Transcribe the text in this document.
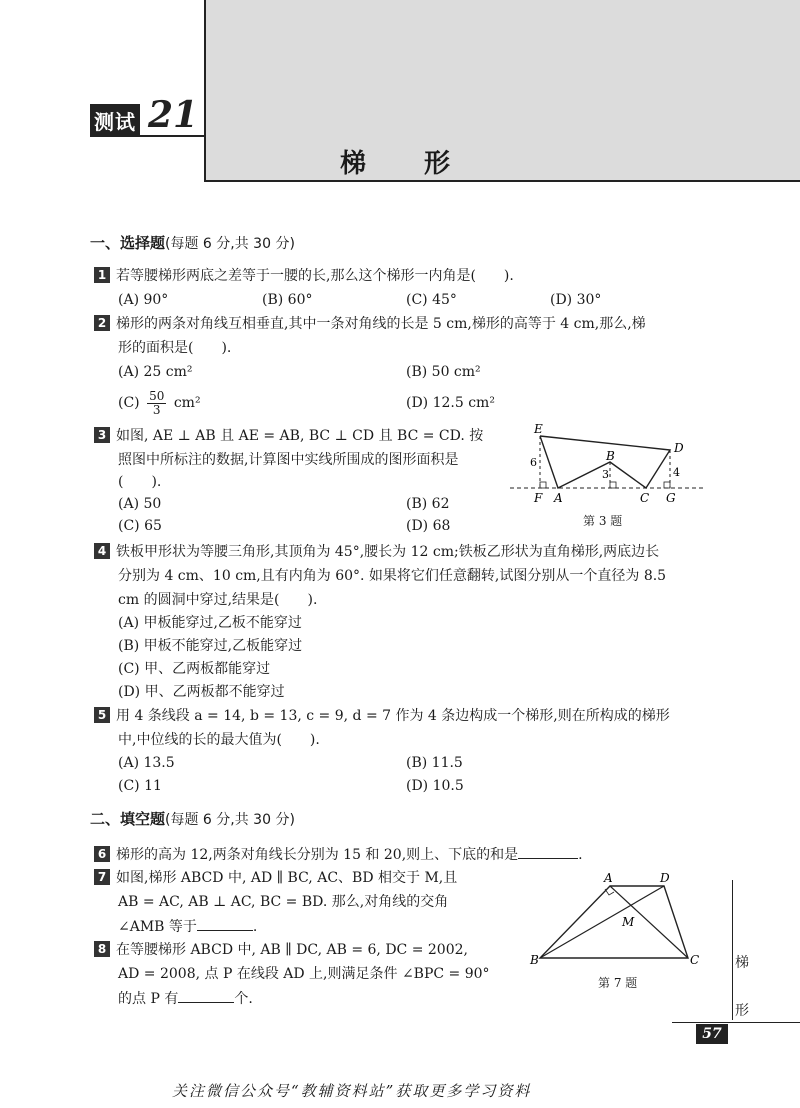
测试 21
梯形
一、选择题(每题 6 分,共 30 分)
1 若等腰梯形两底之差等于一腰的长,那么这个梯形一内角是(　　).
(A) 90°	(B) 60°	(C) 45°	(D) 30°
2 梯形的两条对角线互相垂直,其中一条对角线的长是 5 cm,梯形的高等于 4 cm,那么,梯
形的面积是(　　).
(A) 25 cm²	(B) 50 cm²
$(C) \frac{50}{3} cm^2$	(D) 12.5 cm²
3 如图, AE ⊥ AB 且 AE = AB, BC ⊥ CD 且 BC = CD. 按
照图中所标注的数据,计算图中实线所围成的图形面积是
(　　).
(A) 50	(B) 62
(C) 65	(D) 68
E
D
B
F A	C G
6
3	4
第 3 题
4 铁板甲形状为等腰三角形,其顶角为 45°,腰长为 12 cm;铁板乙形状为直角梯形,两底边长
分别为 4 cm、10 cm,且有内角为 60°. 如果将它们任意翻转,试图分别从一个直径为 8.5
cm 的圆洞中穿过,结果是(　　).
(A) 甲板能穿过,乙板不能穿过
(B) 甲板不能穿过,乙板能穿过
(C) 甲、乙两板都能穿过
(D) 甲、乙两板都不能穿过
5 用 4 条线段 a = 14, b = 13, c = 9, d = 7 作为 4 条边构成一个梯形,则在所构成的梯形
中,中位线的长的最大值为(　　).
(A) 13.5	(B) 11.5
(C) 11	(D) 10.5
二、填空题(每题 6 分,共 30 分)
6 梯形的高为 12,两条对角线长分别为 15 和 20,则上、下底的和是	.
7 如图,梯形 ABCD 中, AD ∥ BC, AC、BD 相交于 M,且
AB = AC, AB ⊥ AC, BC = BD. 那么,对角线的交角
∠AMB 等于	.
8 在等腰梯形 ABCD 中, AB ∥ DC, AB = 6, DC = 2002,
AD = 2008, 点 P 在线段 AD 上,则满足条件 ∠BPC = 90°
的点 P 有	个.
A	D
M
B	C
第 7 题
梯
形
57
关注微信公众号“教辅资料站”获取更多学习资料
